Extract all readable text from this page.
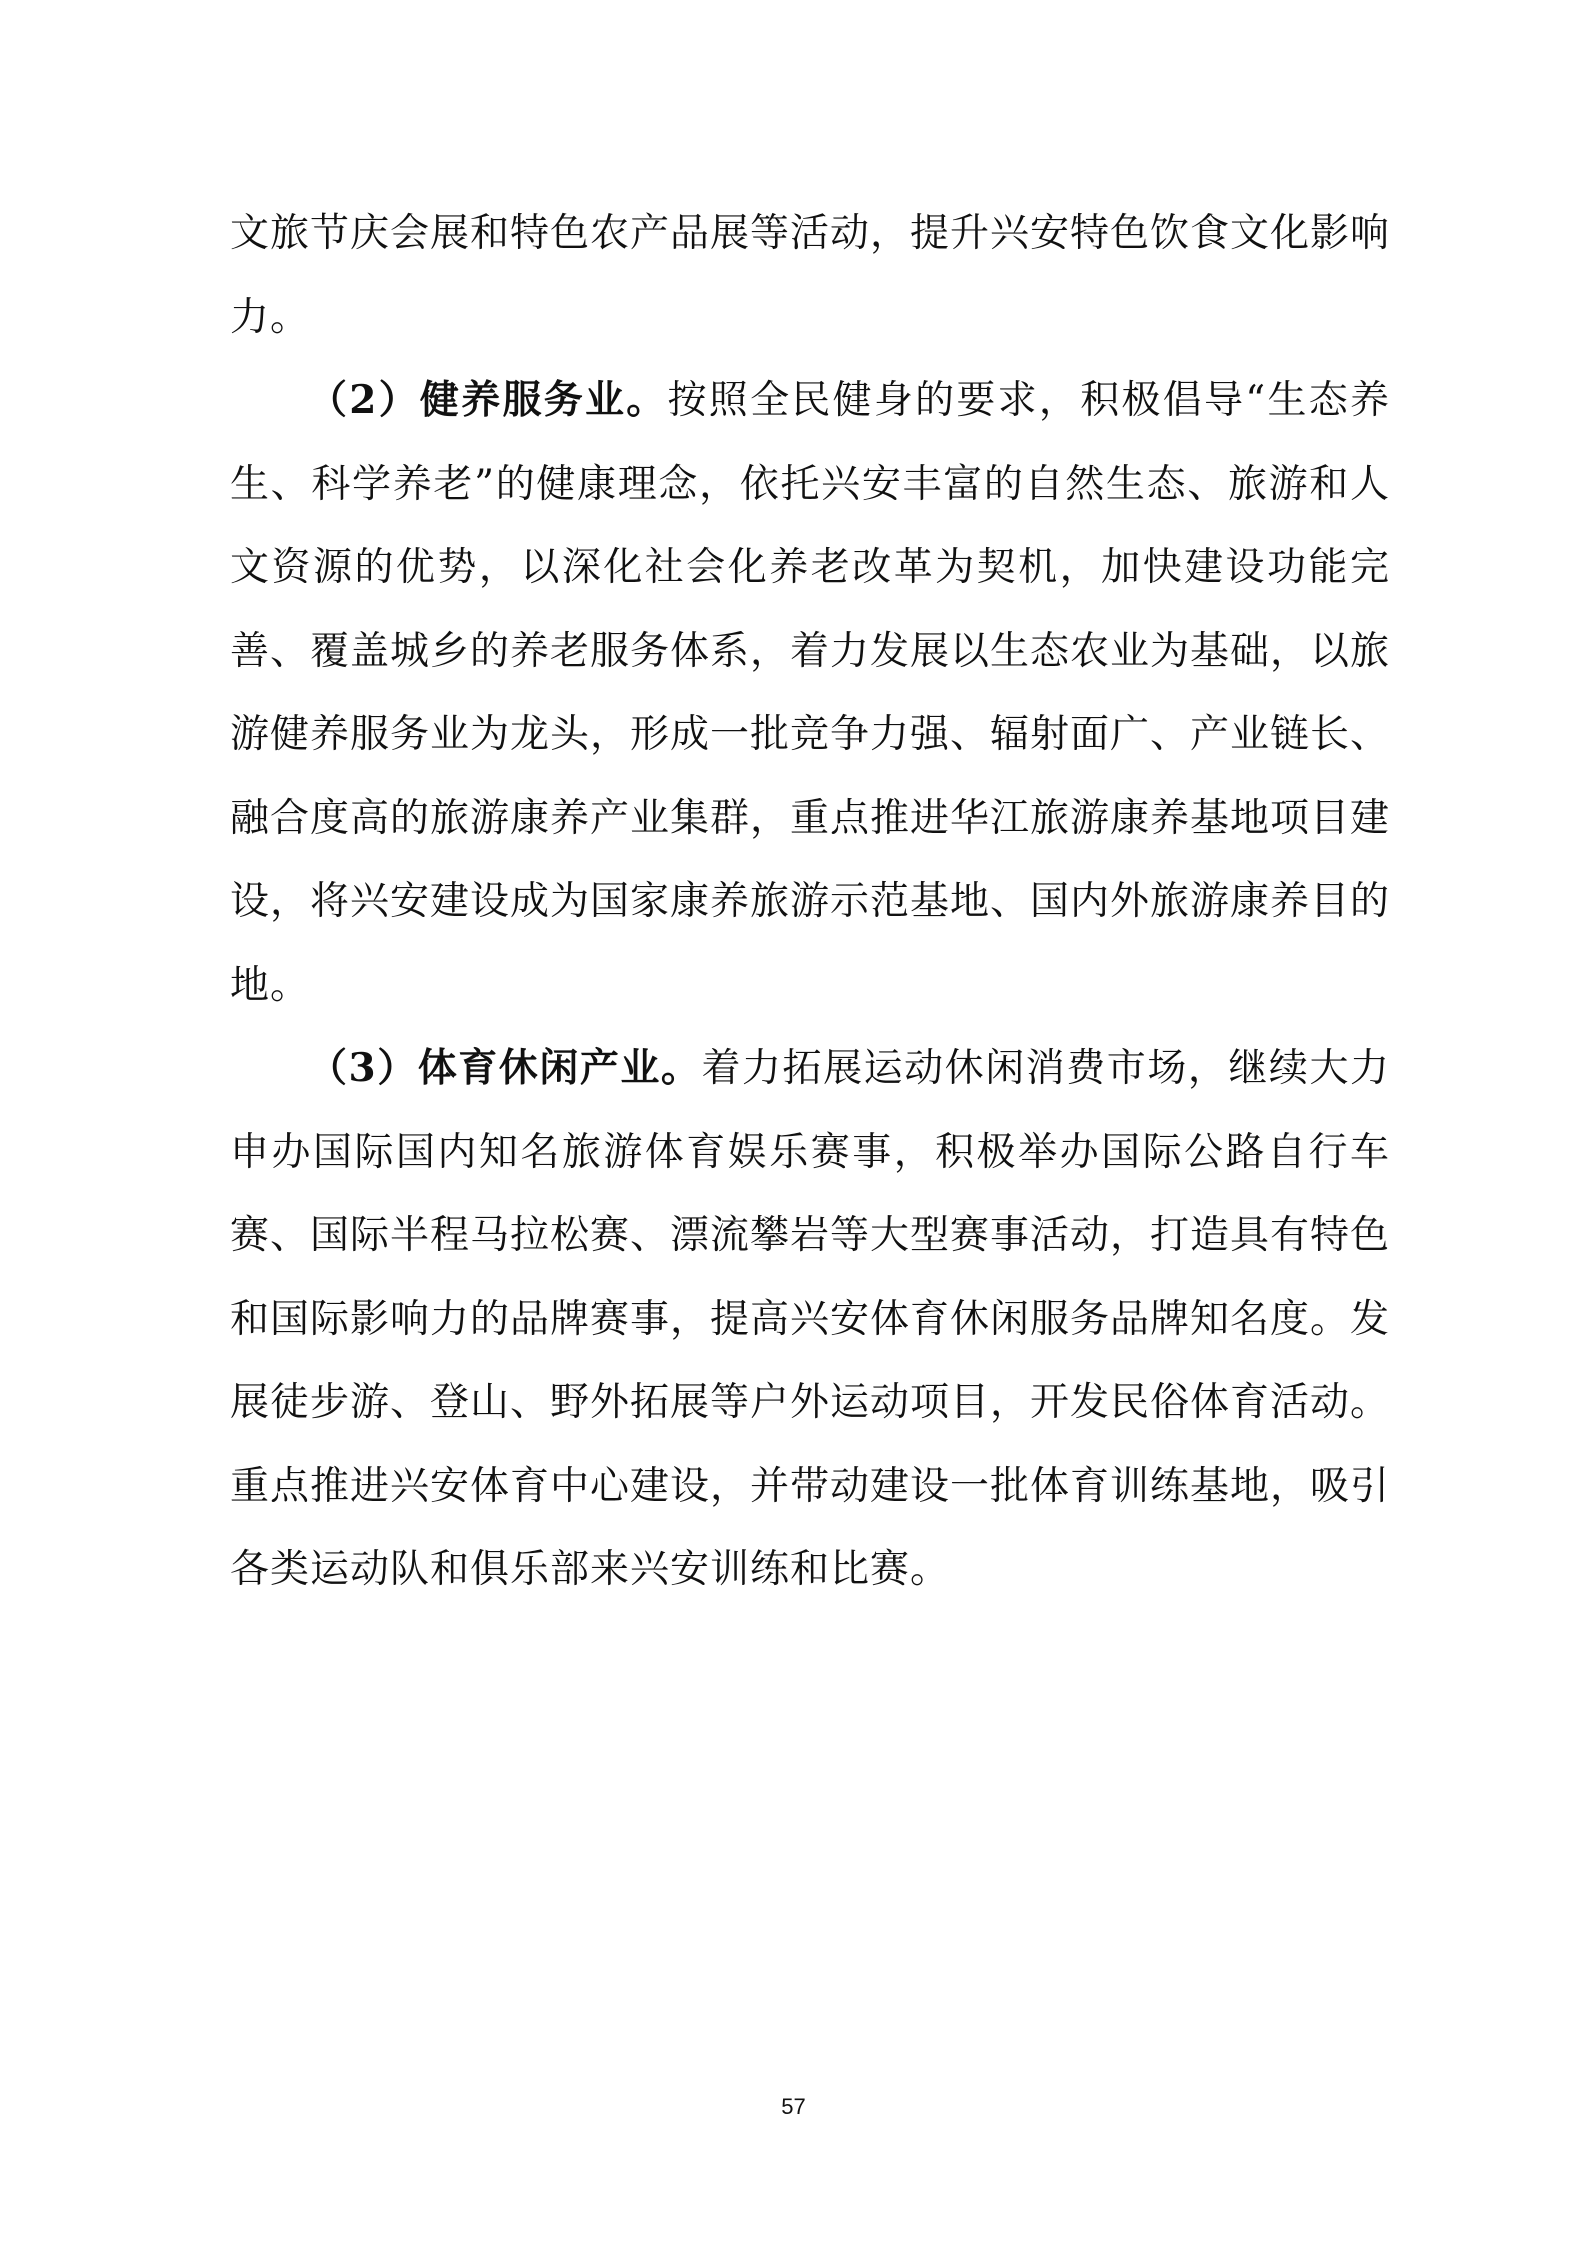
文旅节庆会展和特色农产品展等活动，提升兴安特色饮食文化影响力。

（2）健养服务业。按照全民健身的要求，积极倡导“生态养生、科学养老”的健康理念，依托兴安丰富的自然生态、旅游和人文资源的优势，以深化社会化养老改革为契机，加快建设功能完善、覆盖城乡的养老服务体系，着力发展以生态农业为基础，以旅游健养服务业为龙头，形成一批竞争力强、辐射面广、产业链长、融合度高的旅游康养产业集群，重点推进华江旅游康养基地项目建设，将兴安建设成为国家康养旅游示范基地、国内外旅游康养目的地。

（3）体育休闲产业。着力拓展运动休闲消费市场，继续大力申办国际国内知名旅游体育娱乐赛事，积极举办国际公路自行车赛、国际半程马拉松赛、漂流攀岩等大型赛事活动，打造具有特色和国际影响力的品牌赛事，提高兴安体育休闲服务品牌知名度。发展徒步游、登山、野外拓展等户外运动项目，开发民俗体育活动。重点推进兴安体育中心建设，并带动建设一批体育训练基地，吸引各类运动队和俱乐部来兴安训练和比赛。

57
